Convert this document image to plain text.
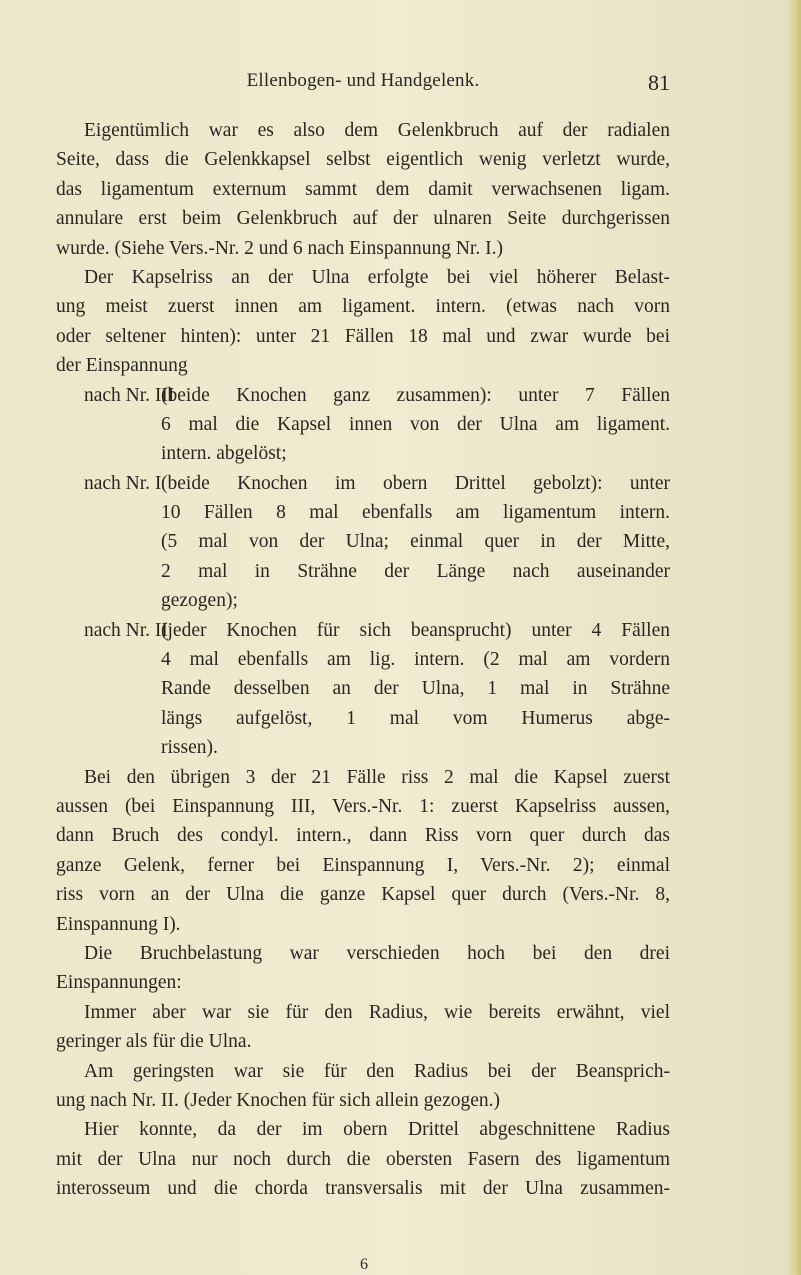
Ellenbogen- und Handgelenk.	81
Eigentümlich war es also dem Gelenkbruch auf der radialen
Seite, dass die Gelenkkapsel selbst eigentlich wenig verletzt wurde,
das ligamentum externum sammt dem damit verwachsenen ligam.
annulare erst beim Gelenkbruch auf der ulnaren Seite durchgerissen
wurde. (Siehe Vers.-Nr. 2 und 6 nach Einspannung Nr. I.)
Der Kapselriss an der Ulna erfolgte bei viel höherer Belast-
ung meist zuerst innen am ligament. intern. (etwas nach vorn
oder seltener hinten): unter 21 Fällen 18 mal und zwar wurde bei
der Einspannung
nach Nr. III
(beide Knochen ganz zusammen): unter 7 Fällen
6 mal die Kapsel innen von der Ulna am ligament.
intern. abgelöst;
nach Nr. I (beide Knochen im obern Drittel gebolzt): unter
10 Fällen 8 mal ebenfalls am ligamentum intern.
(5 mal von der Ulna; einmal quer in der Mitte,
2 mal in Strähne der Länge nach auseinander
gezogen);
nach Nr. II
(jeder Knochen für sich beansprucht) unter 4 Fällen
4 mal ebenfalls am lig. intern. (2 mal am vordern
Rande desselben an der Ulna, 1 mal in Strähne
längs aufgelöst, 1 mal vom Humerus abge-
rissen).
Bei den übrigen 3 der 21 Fälle riss 2 mal die Kapsel zuerst
aussen (bei Einspannung III, Vers.-Nr. 1: zuerst Kapselriss aussen,
dann Bruch des condyl. intern., dann Riss vorn quer durch das
ganze Gelenk, ferner bei Einspannung I, Vers.-Nr. 2); einmal
riss vorn an der Ulna die ganze Kapsel quer durch (Vers.-Nr. 8,
Einspannung I).
Die Bruchbelastung war verschieden hoch bei den drei
Einspannungen:
Immer aber war sie für den Radius, wie bereits erwähnt, viel
geringer als für die Ulna.
Am geringsten war sie für den Radius bei der Beansprich-
ung nach Nr. II. (Jeder Knochen für sich allein gezogen.)
Hier konnte, da der im obern Drittel abgeschnittene Radius
mit der Ulna nur noch durch die obersten Fasern des ligamentum
interosseum und die chorda transversalis mit der Ulna zusammen-
6
